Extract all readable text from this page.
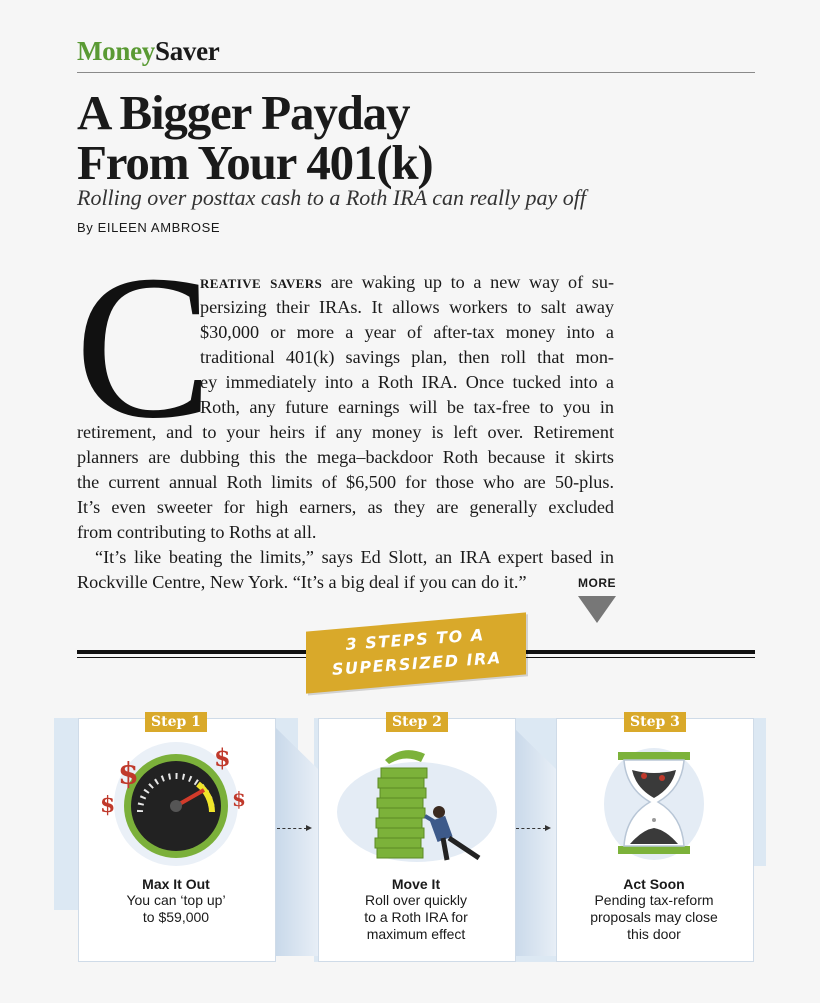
MoneySaver
A Bigger Payday
From Your 401(k)
Rolling over posttax cash to a Roth IRA can really pay off
By EILEEN AMBROSE
C
reative savers are waking up to a new way of su-
persizing their IRAs. It allows workers to salt away
$30,000 or more a year of after-tax money into a
traditional 401(k) savings plan, then roll that mon-
ey immediately into a Roth IRA. Once tucked into a
Roth, any future earnings will be tax-free to you in
retirement, and to your heirs if any money is left over. Retirement
planners are dubbing this the mega–backdoor Roth because it skirts
the current annual Roth limits of $6,500 for those who are 50-plus.
It’s even sweeter for high earners, as they are generally excluded
from contributing to Roths at all.
“It’s like beating the limits,” says Ed Slott, an IRA expert based in
Rockville Centre, New York. “It’s a big deal if you can do it.”	MORE
3 STEPS TO A
SUPERSIZED IRA
Step 1	Step 2	Step 3
$
$
$
$
Max It Out
You can ‘top up’
to $59,000
Move It
Roll over quickly
to a Roth IRA for
maximum effect
Act Soon
Pending tax-reform
proposals may close
this door
